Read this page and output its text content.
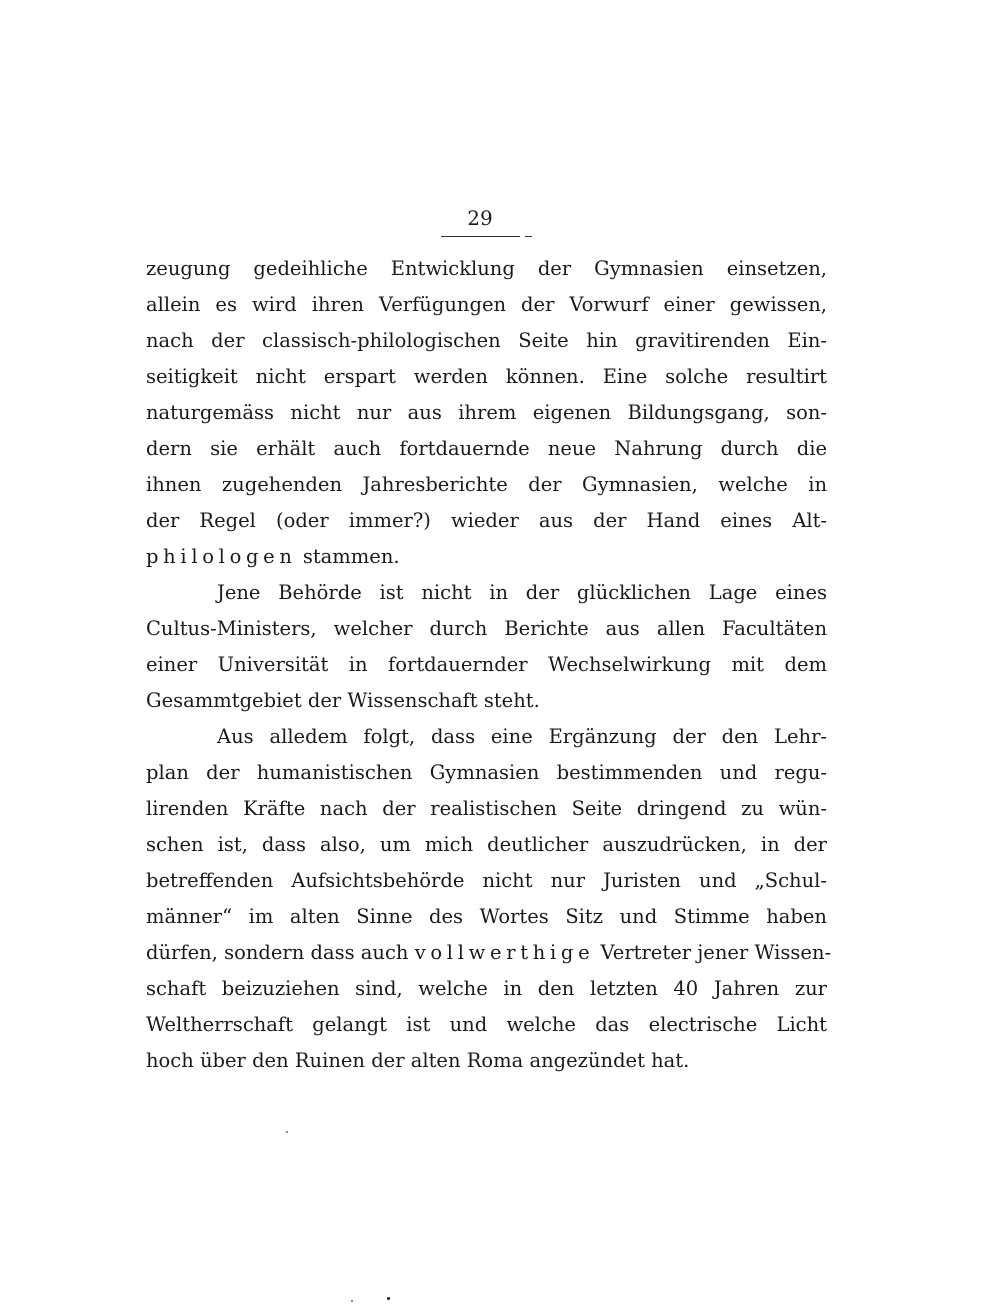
29
zeugung gedeihliche Entwicklung der Gymnasien einsetzen,
allein es wird ihren Verfügungen der Vorwurf einer gewissen,
nach der classisch-philologischen Seite hin gravitirenden Ein-
seitigkeit nicht erspart werden können. Eine solche resultirt
naturgemäss nicht nur aus ihrem eigenen Bildungsgang, son-
dern sie erhält auch fortdauernde neue Nahrung durch die
ihnen zugehenden Jahresberichte der Gymnasien, welche in
der Regel (oder immer?) wieder aus der Hand eines Alt-
philologen stammen.
Jene Behörde ist nicht in der glücklichen Lage eines
Cultus-Ministers, welcher durch Berichte aus allen Facultäten
einer Universität in fortdauernder Wechselwirkung mit dem
Gesammtgebiet der Wissenschaft steht.
Aus alledem folgt, dass eine Ergänzung der den Lehr-
plan der humanistischen Gymnasien bestimmenden und regu-
lirenden Kräfte nach der realistischen Seite dringend zu wün-
schen ist, dass also, um mich deutlicher auszudrücken, in der
betreffenden Aufsichtsbehörde nicht nur Juristen und „Schul-
männer“ im alten Sinne des Wortes Sitz und Stimme haben
dürfen, sondern dass auch vollwerthige Vertreter jener Wissen-
schaft beizuziehen sind, welche in den letzten 40 Jahren zur
Weltherrschaft gelangt ist und welche das electrische Licht
hoch über den Ruinen der alten Roma angezündet hat.
